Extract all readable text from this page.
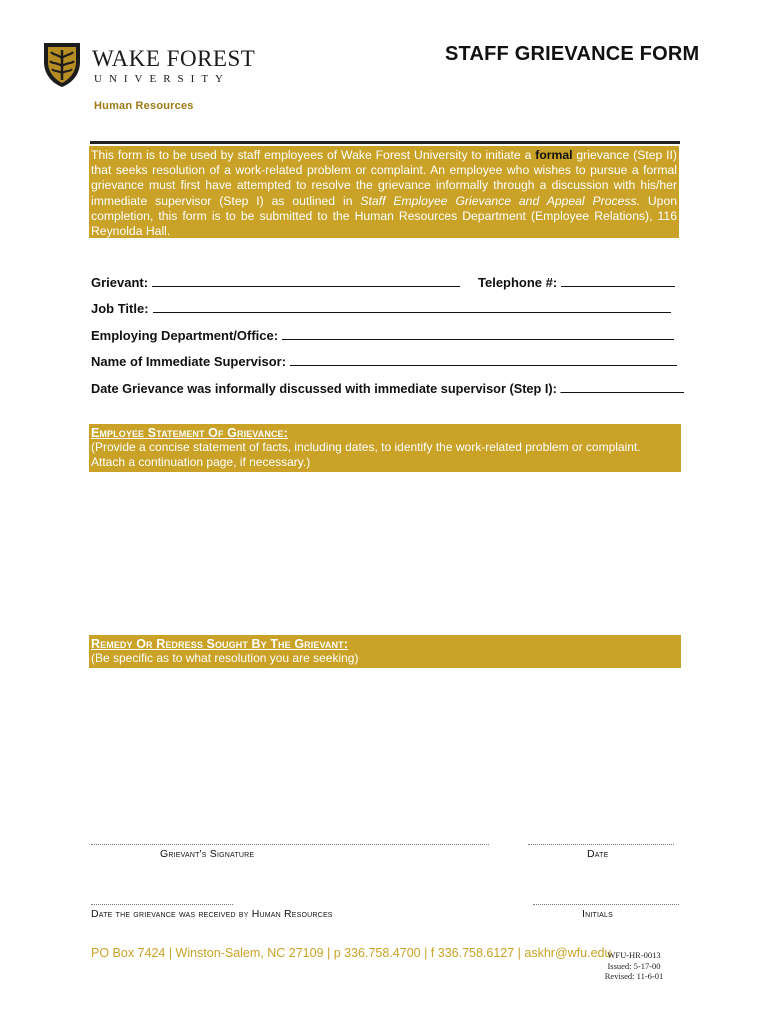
WAKE FOREST
UNIVERSITY
Human Resources
STAFF GRIEVANCE FORM
This form is to be used by staff employees of Wake Forest University to initiate a formal grievance (Step II) that seeks resolution of a work-related problem or complaint. An employee who wishes to pursue a formal grievance must first have attempted to resolve the grievance informally through a discussion with his/her immediate supervisor (Step I) as outlined in Staff Employee Grievance and Appeal Process. Upon completion, this form is to be submitted to the Human Resources Department (Employee Relations), 116 Reynolda Hall.
Grievant:	Telephone #:
Job Title:
Employing Department/Office:
Name of Immediate Supervisor:
Date Grievance was informally discussed with immediate supervisor (Step I):
Employee Statement Of Grievance:
(Provide a concise statement of facts, including dates, to identify the work-related problem or complaint.
Attach a continuation page, if necessary.)
Remedy Or Redress Sought By The Grievant:
(Be specific as to what resolution you are seeking)
Grievant's Signature	Date
Date the grievance was received by Human Resources	Initials
PO Box 7424 | Winston-Salem, NC 27109 | p 336.758.4700 | f 336.758.6127 | askhr@wfu.edu
WFU-HR-0013
Issued: 5-17-00
Revised: 11-6-01
